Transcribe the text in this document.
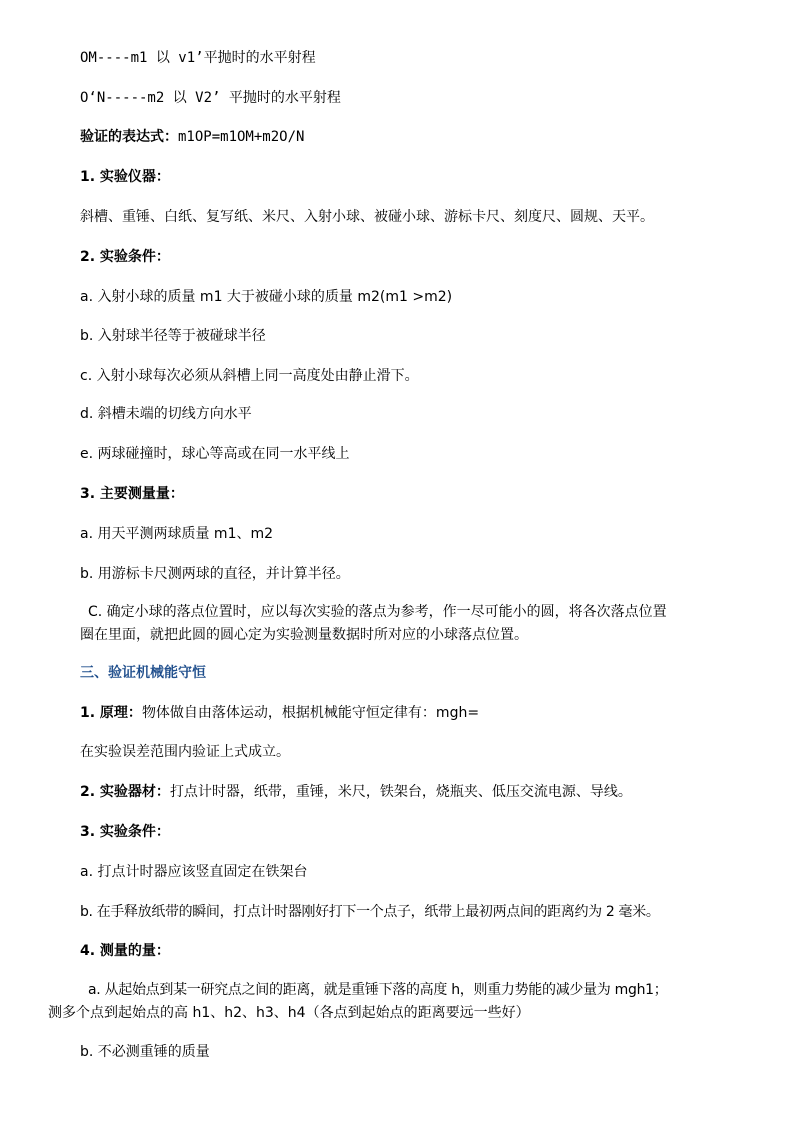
OM----m1 以 v1’平抛时的水平射程
O‘N-----m2 以 V2’ 平抛时的水平射程
验证的表达式：m1OP=m1OM+m2O/N
1. 实验仪器：
斜槽、重锤、白纸、复写纸、米尺、入射小球、被碰小球、游标卡尺、刻度尺、圆规、天平。
2. 实验条件：
a. 入射小球的质量 m1 大于被碰小球的质量 m2(m1 >m2)
b. 入射球半径等于被碰球半径
c. 入射小球每次必须从斜槽上同一高度处由静止滑下。
d. 斜槽未端的切线方向水平
e. 两球碰撞时，球心等高或在同一水平线上
3. 主要测量量：
a. 用天平测两球质量 m1、m2
b. 用游标卡尺测两球的直径，并计算半径。
C. 确定小球的落点位置时，应以每次实验的落点为参考，作一尽可能小的圆，将各次落点位置
圈在里面，就把此圆的圆心定为实验测量数据时所对应的小球落点位置。
三、验证机械能守恒
1. 原理：物体做自由落体运动，根据机械能守恒定律有：mgh=
在实验误差范围内验证上式成立。
2. 实验器材：打点计时器，纸带，重锤，米尺，铁架台，烧瓶夹、低压交流电源、导线。
3. 实验条件：
a. 打点计时器应该竖直固定在铁架台
b. 在手释放纸带的瞬间，打点计时器刚好打下一个点子，纸带上最初两点间的距离约为 2 毫米。
4. 测量的量：
a. 从起始点到某一研究点之间的距离，就是重锤下落的高度 h，则重力势能的减少量为 mgh1；
测多个点到起始点的高 h1、h2、h3、h4（各点到起始点的距离要远一些好）
b. 不必测重锤的质量
